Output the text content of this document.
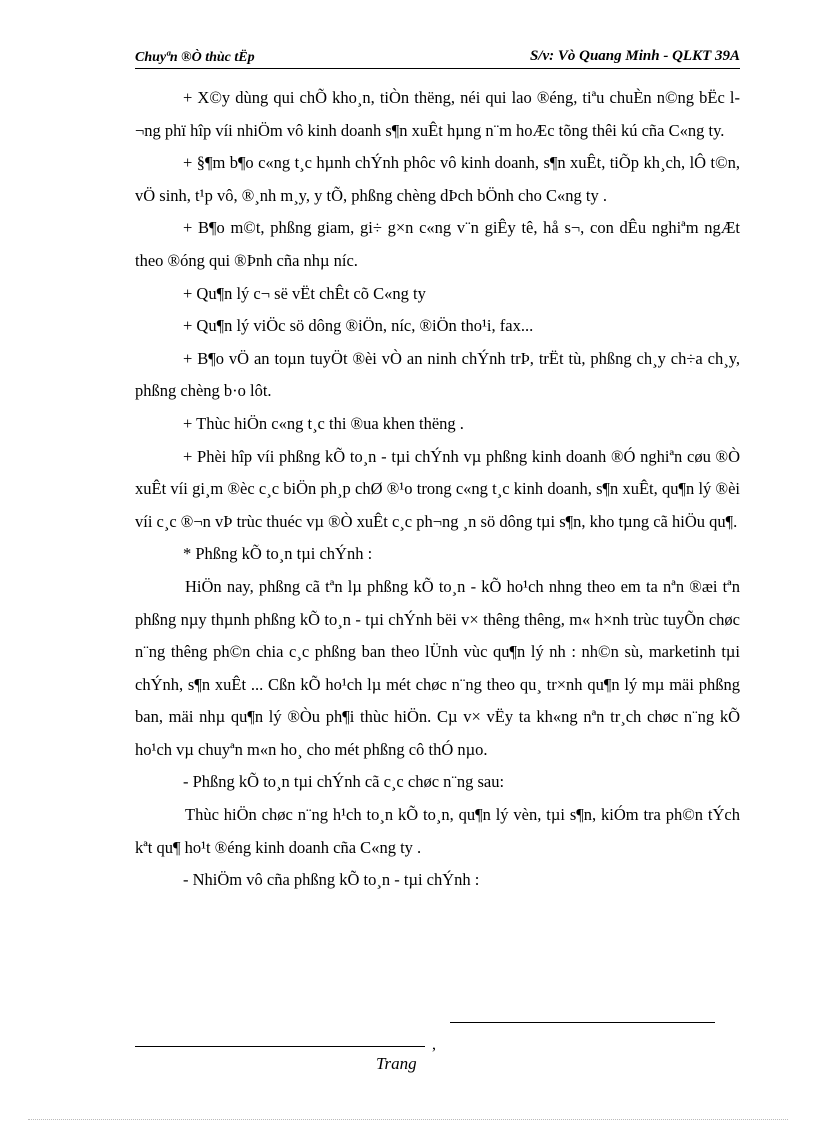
Chuyªn ®Ò thùc tËp	S/v: Vò Quang Minh - QLKT 39A

+ X©y dùng qui chÕ kho¸n, tiÒn thëng, néi qui lao ®éng, tiªu chuÈn n©ng bËc l¬ng phï hîp víi nhiÖm vô kinh doanh s¶n xuÊt hµng n¨m hoÆc tõng thêi kú cña C«ng ty.

+ §¶m b¶o c«ng t¸c hµnh chÝnh phôc vô kinh doanh, s¶n xuÊt, tiÕp kh¸ch, lÔ t©n, vÖ sinh, t¹p vô, ®¸nh m¸y, y tÕ, phßng chèng dÞch bÖnh cho C«ng ty .

+ B¶o m©t, phßng giam, gi÷ g×n c«ng v¨n giÊy tê, hå s¬, con dÊu nghiªm ngÆt theo ®óng qui ®Þnh cña nhµ níc.

+ Qu¶n lý c¬ së vËt chÊt cõ C«ng ty

+ Qu¶n lý viÖc sö dông ®iÖn, níc, ®iÖn tho¹i, fax...

+ B¶o vÖ an toµn tuyÖt ®èi vÒ an ninh chÝnh trÞ, trËt tù, phßng ch¸y ch÷a ch¸y, phßng chèng b·o lôt.

+ Thùc hiÖn c«ng t¸c thi ®ua khen thëng .

+ Phèi hîp víi phßng kÕ to¸n - tµi chÝnh vµ phßng kinh doanh ®Ó nghiªn cøu ®Ò xuÊt víi gi¸m ®èc c¸c biÖn ph¸p chØ ®¹o trong c«ng t¸c kinh doanh, s¶n xuÊt, qu¶n lý ®èi víi c¸c ®¬n vÞ trùc thuéc vµ ®Ò xuÊt c¸c ph¬ng ¸n sö dông tµi s¶n, kho tµng cã hiÖu qu¶.

* Phßng kÕ to¸n tµi chÝnh :

HiÖn nay, phßng cã tªn lµ phßng kÕ to¸n - kÕ ho¹ch nhng theo em ta nªn ®æi tªn phßng nµy thµnh phßng kÕ to¸n - tµi chÝnh bëi v× thêng thêng, m« h×nh trùc tuyÕn chøc n¨ng thêng ph©n chia c¸c phßng ban theo lÜnh vùc qu¶n lý nh : nh©n sù, marketinh tµi chÝnh, s¶n xuÊt ... Cßn kÕ ho¹ch lµ mét chøc n¨ng theo qu¸ tr×nh qu¶n lý mµ mäi phßng ban, mäi nhµ qu¶n lý ®Òu ph¶i thùc hiÖn. Cµ v× vËy ta kh«ng nªn tr¸ch chøc n¨ng kÕ ho¹ch vµ chuyªn m«n ho¸ cho mét phßng cô thÓ nµo.

- Phßng kÕ to¸n tµi chÝnh cã c¸c chøc n¨ng sau:

Thùc hiÖn chøc n¨ng h¹ch to¸n kÕ to¸n, qu¶n lý vèn, tµi s¶n, kiÓm tra ph©n tÝch kªt qu¶ ho¹t ®éng kinh doanh cña C«ng ty .

- NhiÖm vô cña phßng kÕ to¸n - tµi chÝnh :

,
Trang
